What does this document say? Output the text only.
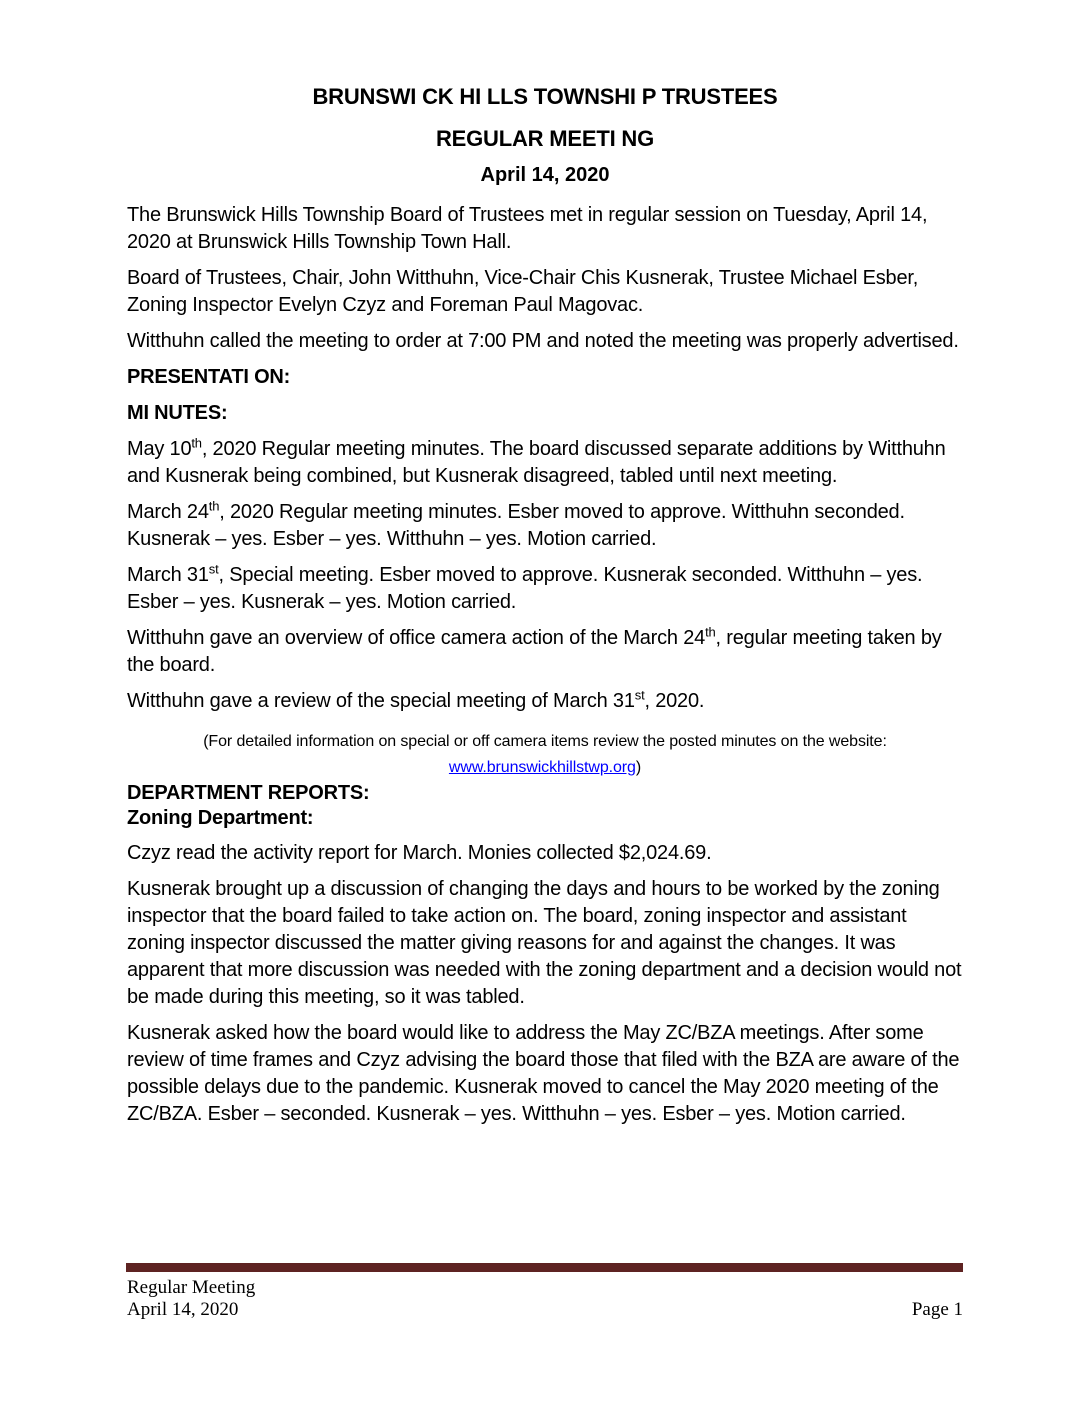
BRUNSWI CK HI LLS TOWNSHI P TRUSTEES
REGULAR MEETI NG
April 14, 2020

The Brunswick Hills Township Board of Trustees met in regular session on Tuesday, April 14, 2020 at Brunswick Hills Township Town Hall.

Board of Trustees, Chair, John Witthuhn, Vice-Chair Chis Kusnerak, Trustee Michael Esber, Zoning Inspector Evelyn Czyz and Foreman Paul Magovac.

Witthuhn called the meeting to order at 7:00 PM and noted the meeting was properly advertised.

PRESENTATI ON:
MI NUTES:

May 10th, 2020 Regular meeting minutes. The board discussed separate additions by Witthuhn and Kusnerak being combined, but Kusnerak disagreed, tabled until next meeting.

March 24th, 2020 Regular meeting minutes. Esber moved to approve. Witthuhn seconded. Kusnerak – yes. Esber – yes. Witthuhn – yes. Motion carried.

March 31st, Special meeting. Esber moved to approve. Kusnerak seconded. Witthuhn – yes. Esber – yes. Kusnerak – yes. Motion carried.

Witthuhn gave an overview of office camera action of the March 24th, regular meeting taken by the board.

Witthuhn gave a review of the special meeting of March 31st, 2020.

(For detailed information on special or off camera items review the posted minutes on the website: www.brunswickhillstwp.org)
DEPARTMENT REPORTS:
Zoning Department:

Czyz read the activity report for March. Monies collected $2,024.69.

Kusnerak brought up a discussion of changing the days and hours to be worked by the zoning inspector that the board failed to take action on. The board, zoning inspector and assistant zoning inspector discussed the matter giving reasons for and against the changes. It was apparent that more discussion was needed with the zoning department and a decision would not be made during this meeting, so it was tabled.

Kusnerak asked how the board would like to address the May ZC/BZA meetings. After some review of time frames and Czyz advising the board those that filed with the BZA are aware of the possible delays due to the pandemic. Kusnerak moved to cancel the May 2020 meeting of the ZC/BZA. Esber – seconded. Kusnerak – yes. Witthuhn – yes. Esber – yes. Motion carried.

Regular Meeting
April 14, 2020	Page 1
